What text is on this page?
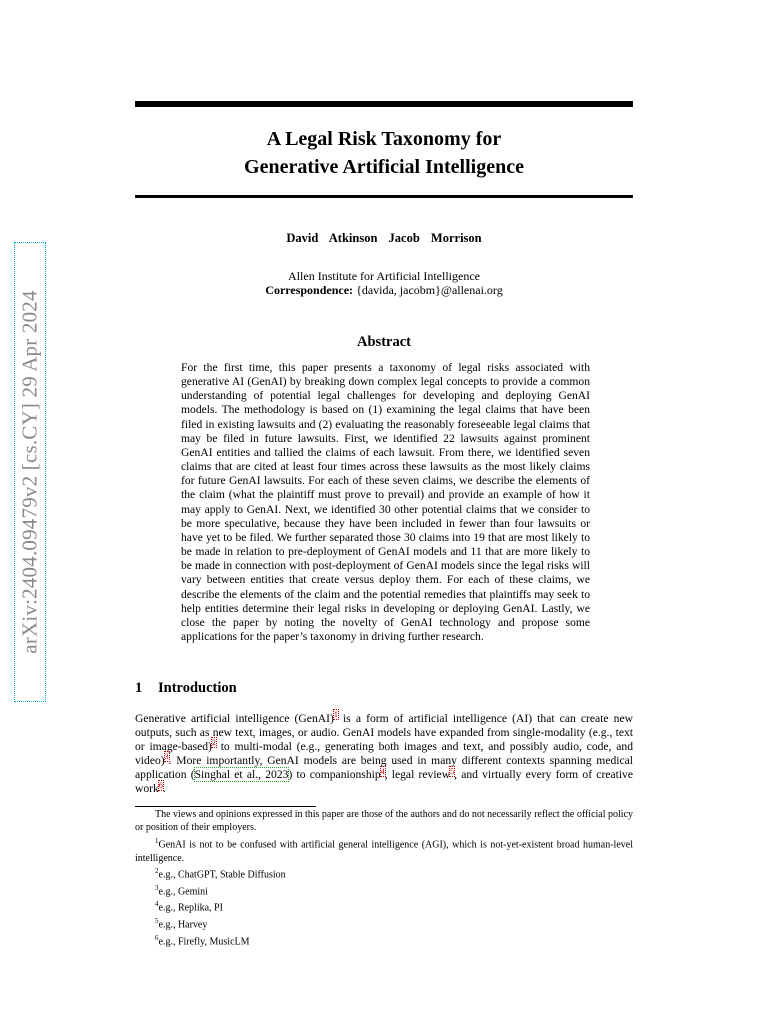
arXiv:2404.09479v2 [cs.CY] 29 Apr 2024
A Legal Risk Taxonomy for
Generative Artificial Intelligence
David Atkinson Jacob Morrison
Allen Institute for Artificial Intelligence
Correspondence: {davida, jacobm}@allenai.org
Abstract
For the first time, this paper presents a taxonomy of legal risks associated with generative AI (GenAI) by breaking down complex legal concepts to provide a common understanding of potential legal challenges for developing and deploying GenAI models. The methodology is based on (1) examining the legal claims that have been filed in existing lawsuits and (2) evaluating the reasonably foreseeable legal claims that may be filed in future lawsuits. First, we identified 22 lawsuits against prominent GenAI entities and tallied the claims of each lawsuit. From there, we identified seven claims that are cited at least four times across these lawsuits as the most likely claims for future GenAI lawsuits. For each of these seven claims, we describe the elements of the claim (what the plaintiff must prove to prevail) and provide an example of how it may apply to GenAI. Next, we identified 30 other potential claims that we consider to be more speculative, because they have been included in fewer than four lawsuits or have yet to be filed. We further separated those 30 claims into 19 that are most likely to be made in relation to pre-deployment of GenAI models and 11 that are more likely to be made in connection with post-deployment of GenAI models since the legal risks will vary between entities that create versus deploy them. For each of these claims, we describe the elements of the claim and the potential remedies that plaintiffs may seek to help entities determine their legal risks in developing or deploying GenAI. Lastly, we close the paper by noting the novelty of GenAI technology and propose some applications for the paper’s taxonomy in driving further research.
1 Introduction
Generative artificial intelligence (GenAI)$^1$ is a form of artificial intelligence (AI) that can create new outputs, such as new text, images, or audio. GenAI models have expanded from single-modality (e.g., text or image-based)$^2$ to multi-modal (e.g., generating both images and text, and possibly audio, code, and video)$^3$. More importantly, GenAI models are being used in many different contexts spanning medical application (Singhal et al., 2023) to companionship$^4$, legal review$^5$, and virtually every form of creative work$^6$.

The views and opinions expressed in this paper are those of the authors and do not necessarily reflect the official policy or position of their employers.

$^1$GenAI is not to be confused with artificial general intelligence (AGI), which is not-yet-existent broad human-level intelligence.

$^2$e.g., ChatGPT, Stable Diffusion

$^3$e.g., Gemini

$^4$e.g., Replika, PI

$^5$e.g., Harvey

$^6$e.g., Firefly, MusicLM
